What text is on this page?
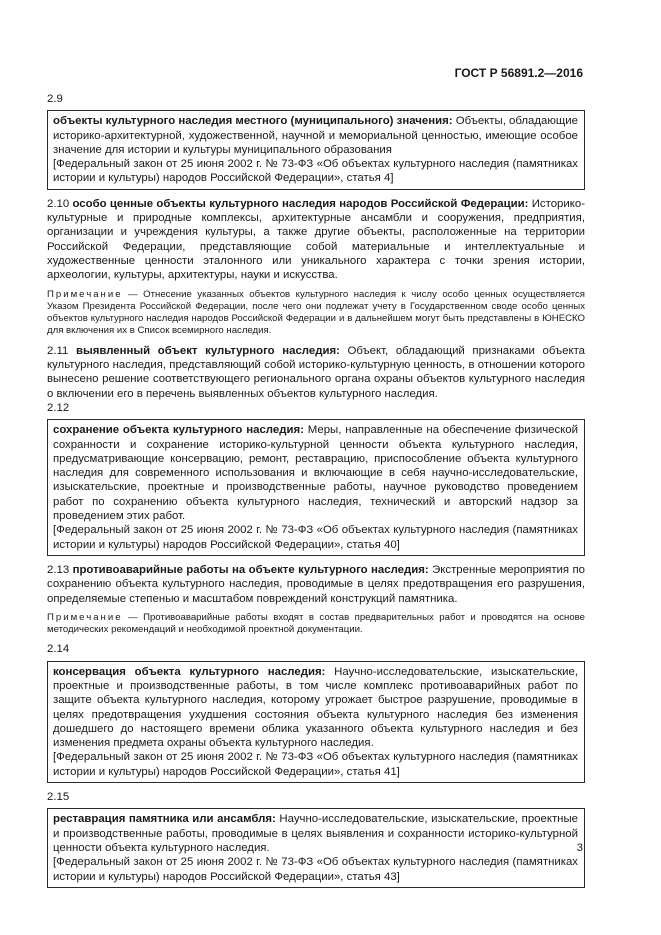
ГОСТ Р 56891.2—2016
2.9

объекты культурного наследия местного (муниципального) значения: Объекты, обладающие историко-архитектурной, художественной, научной и мемориальной ценностью, имеющие особое значение для истории и культуры муниципального образования

[Федеральный закон от 25 июня 2002 г. № 73-ФЗ «Об объектах культурного наследия (памятниках истории и культуры) народов Российской Федерации», статья 4]

2.10 особо ценные объекты культурного наследия народов Российской Федерации: Историко-культурные и природные комплексы, архитектурные ансамбли и сооружения, предприятия, организации и учреждения культуры, а также другие объекты, расположенные на территории Российской Федерации, представляющие собой материальные и интеллектуальные и художественные ценности эталонного или уникального характера с точки зрения истории, археологии, культуры, архитектуры, науки и искусства.

Примечание — Отнесение указанных объектов культурного наследия к числу особо ценных осуществляется Указом Президента Российской Федерации, после чего они подлежат учету в Государственном своде особо ценных объектов культурного наследия народов Российской Федерации и в дальнейшем могут быть представлены в ЮНЕСКО для включения их в Список всемирного наследия.

2.11 выявленный объект культурного наследия: Объект, обладающий признаками объекта культурного наследия, представляющий собой историко-культурную ценность, в отношении которого вынесено решение соответствующего регионального органа охраны объектов культурного наследия о включении его в перечень выявленных объектов культурного наследия.

2.12

сохранение объекта культурного наследия: Меры, направленные на обеспечение физической сохранности и сохранение историко-культурной ценности объекта культурного наследия, предусматривающие консервацию, ремонт, реставрацию, приспособление объекта культурного наследия для современного использования и включающие в себя научно-исследовательские, изыскательские, проектные и производственные работы, научное руководство проведением работ по сохранению объекта культурного наследия, технический и авторский надзор за проведением этих работ.

[Федеральный закон от 25 июня 2002 г. № 73-ФЗ «Об объектах культурного наследия (памятниках истории и культуры) народов Российской Федерации», статья 40]

2.13 противоаварийные работы на объекте культурного наследия: Экстренные мероприятия по сохранению объекта культурного наследия, проводимые в целях предотвращения его разрушения, определяемые степенью и масштабом повреждений конструкций памятника.

Примечание — Противоаварийные работы входят в состав предварительных работ и проводятся на основе методических рекомендаций и необходимой проектной документации.

2.14

консервация объекта культурного наследия: Научно-исследовательские, изыскательские, проектные и производственные работы, в том числе комплекс противоаварийных работ по защите объекта культурного наследия, которому угрожает быстрое разрушение, проводимые в целях предотвращения ухудшения состояния объекта культурного наследия без изменения дошедшего до настоящего времени облика указанного объекта культурного наследия и без изменения предмета охраны объекта культурного наследия.

[Федеральный закон от 25 июня 2002 г. № 73-ФЗ «Об объектах культурного наследия (памятниках истории и культуры) народов Российской Федерации», статья 41]

2.15

реставрация памятника или ансамбля: Научно-исследовательские, изыскательские, проектные и производственные работы, проводимые в целях выявления и сохранности историко-культурной ценности объекта культурного наследия.

[Федеральный закон от 25 июня 2002 г. № 73-ФЗ «Об объектах культурного наследия (памятниках истории и культуры) народов Российской Федерации», статья 43]

3
